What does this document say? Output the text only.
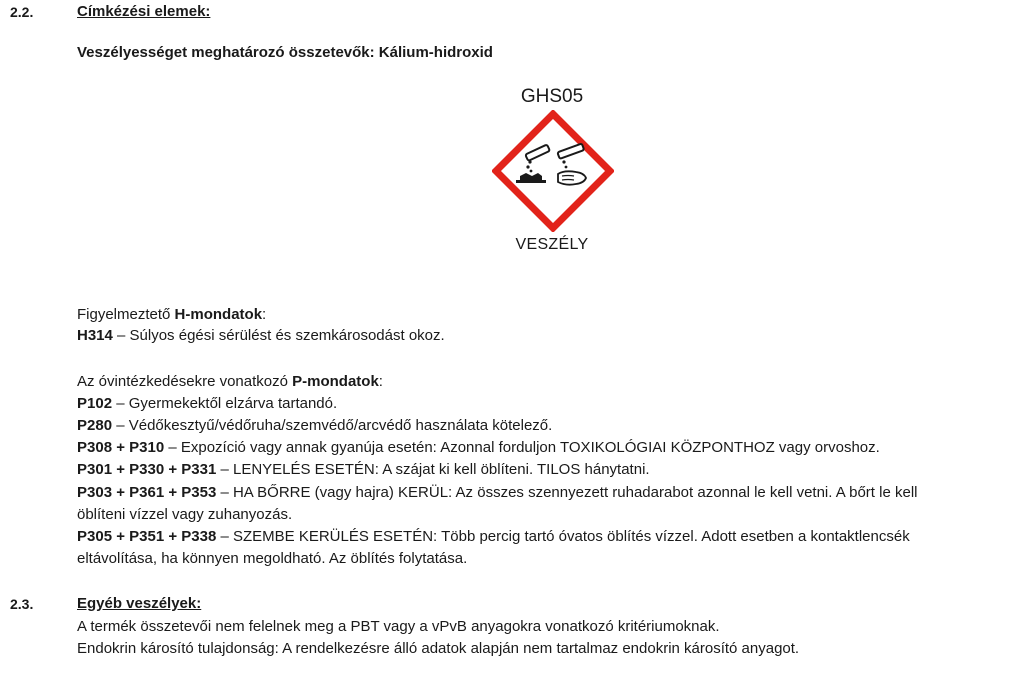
2.2.	Címkézési elemek:
Veszélyességet meghatározó összetevők: Kálium-hidroxid
GHS05
VESZÉLY
Figyelmeztető H-mondatok:
H314 – Súlyos égési sérülést és szemkárosodást okoz.
Az óvintézkedésekre vonatkozó P-mondatok:
P102 – Gyermekektől elzárva tartandó.
P280 – Védőkesztyű/védőruha/szemvédő/arcvédő használata kötelező.
P308 + P310 – Expozíció vagy annak gyanúja esetén: Azonnal forduljon TOXIKOLÓGIAI KÖZPONTHOZ vagy orvoshoz.
P301 + P330 + P331 – LENYELÉS ESETÉN: A szájat ki kell öblíteni. TILOS hánytatni.
P303 + P361 + P353 – HA BŐRRE (vagy hajra) KERÜL: Az összes szennyezett ruhadarabot azonnal le kell vetni. A bőrt le kell
öblíteni vízzel vagy zuhanyozás.
P305 + P351 + P338 – SZEMBE KERÜLÉS ESETÉN: Több percig tartó óvatos öblítés vízzel. Adott esetben a kontaktlencsék
eltávolítása, ha könnyen megoldható. Az öblítés folytatása.
2.3.	Egyéb veszélyek:
A termék összetevői nem felelnek meg a PBT vagy a vPvB anyagokra vonatkozó kritériumoknak.
Endokrin károsító tulajdonság: A rendelkezésre álló adatok alapján nem tartalmaz endokrin károsító anyagot.
